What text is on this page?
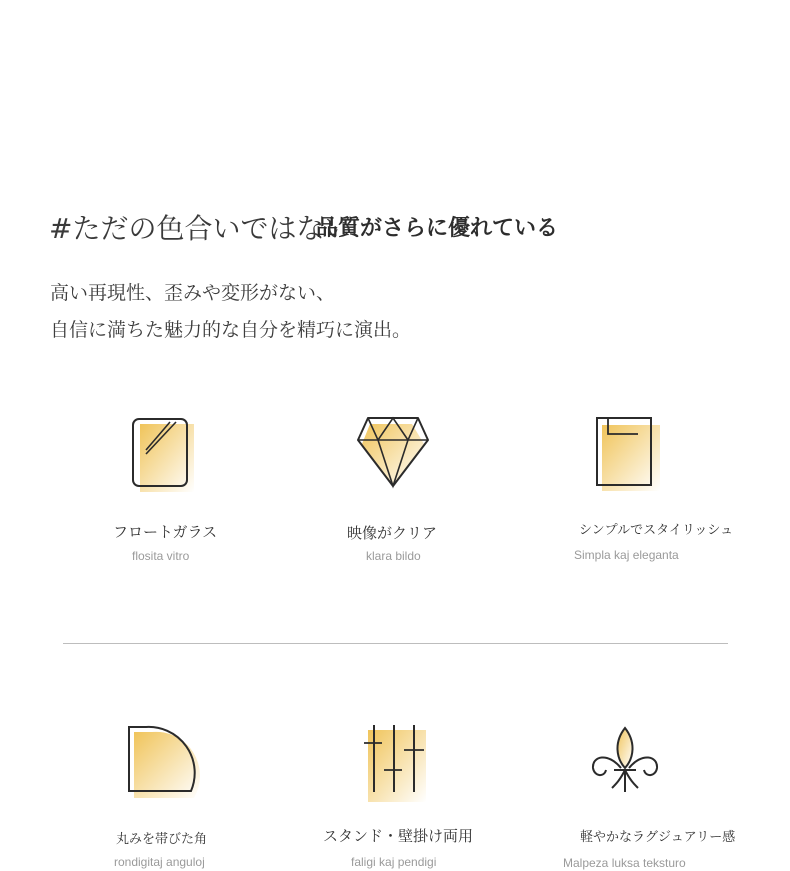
#ただの色合いではない
品質がさらに優れている
高い再現性、歪みや変形がない、
自信に満ちた魅力的な自分を精巧に演出。
フロートガラス
flosita vitro
映像がクリア
klara bildo
シンプルでスタイリッシュ
Simpla kaj eleganta
丸みを帯びた角
rondigitaj anguloj
スタンド・壁掛け両用
faligi kaj pendigi
軽やかなラグジュアリー感
Malpeza luksa teksturo
